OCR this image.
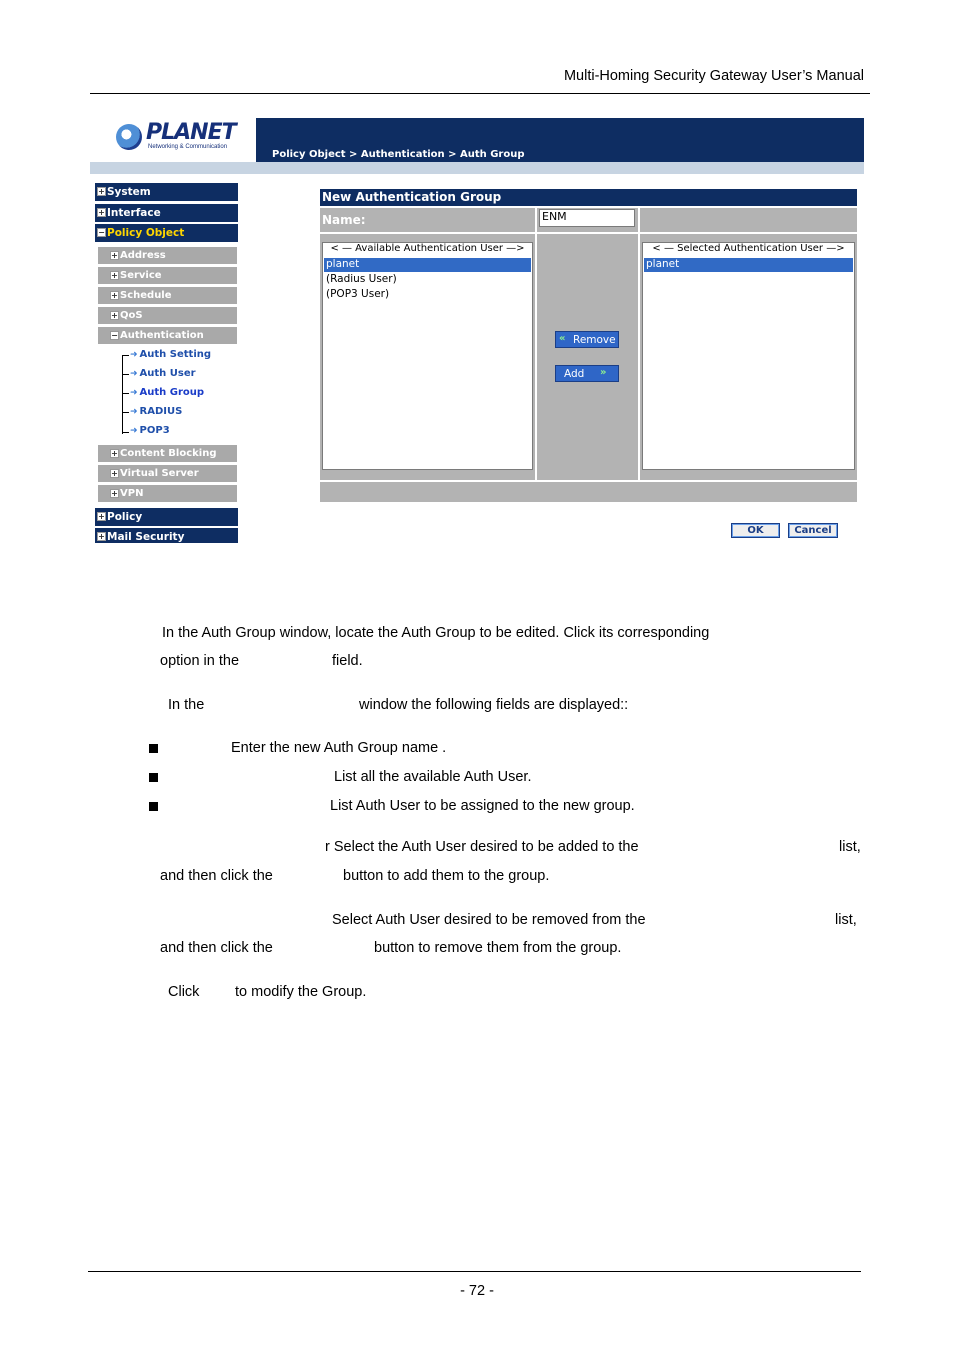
Multi-Homing Security Gateway User’s Manual
PLANET
Networking & Communication
Policy Object > Authentication > Auth Group
+ System
+ Interface
− Policy Object
+ Address
+ Service
+ Schedule
+ QoS
− Authentication
➜ Auth Setting
➜ Auth User
➜ Auth Group
➜ RADIUS
➜ POP3
+ Content Blocking
+ Virtual Server
+ VPN
+ Policy
+ Mail Security
New Authentication Group
Name:	ENM
< — Available Authentication User —>
planet
(Radius User)
(POP3 User)
« Remove
Add »
< — Selected Authentication User —>
planet
OK	Cancel
In the Auth Group window, locate the Auth Group to be edited. Click its corresponding
option in the	field.
In the	window the following fields are displayed::
Enter the new Auth Group name .
List all the available Auth User.
List Auth User to be assigned to the new group.
r Select the Auth User desired to be added to the	list,
and then click the	button to add them to the group.
Select Auth User desired to be removed from the	list,
and then click the	button to remove them from the group.
Click to modify the Group.
- 72 -
